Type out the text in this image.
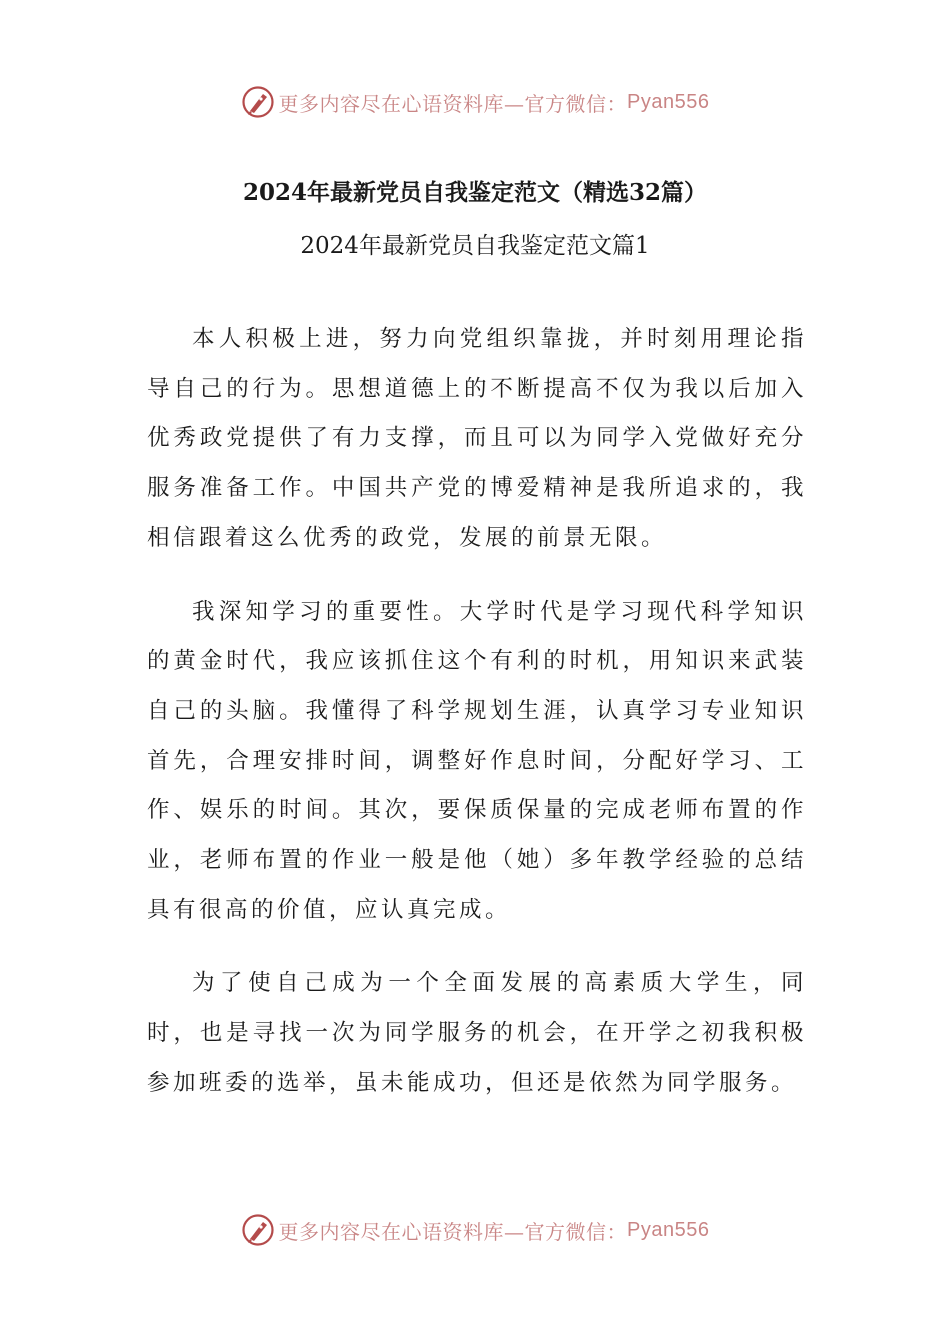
更多内容尽在心语资料库—官方微信： Pyan556
2024年最新党员自我鉴定范文（精选32篇）
2024年最新党员自我鉴定范文篇1

本人积极上进，努力向党组织靠拢，并时刻用理论指导自己的行为。思想道德上的不断提高不仅为我以后加入优秀政党提供了有力支撑，而且可以为同学入党做好充分服务准备工作。中国共产党的博爱精神是我所追求的，我相信跟着这么优秀的政党，发展的前景无限。

我深知学习的重要性。大学时代是学习现代科学知识的黄金时代，我应该抓住这个有利的时机，用知识来武装自己的头脑。我懂得了科学规划生涯，认真学习专业知识首先，合理安排时间，调整好作息时间，分配好学习、工作、娱乐的时间。其次，要保质保量的完成老师布置的作业，老师布置的作业一般是他（她）多年教学经验的总结具有很高的价值，应认真完成。

为了使自己成为一个全面发展的高素质大学生，同时，也是寻找一次为同学服务的机会，在开学之初我积极参加班委的选举，虽未能成功，但还是依然为同学服务。

更多内容尽在心语资料库—官方微信： Pyan556
